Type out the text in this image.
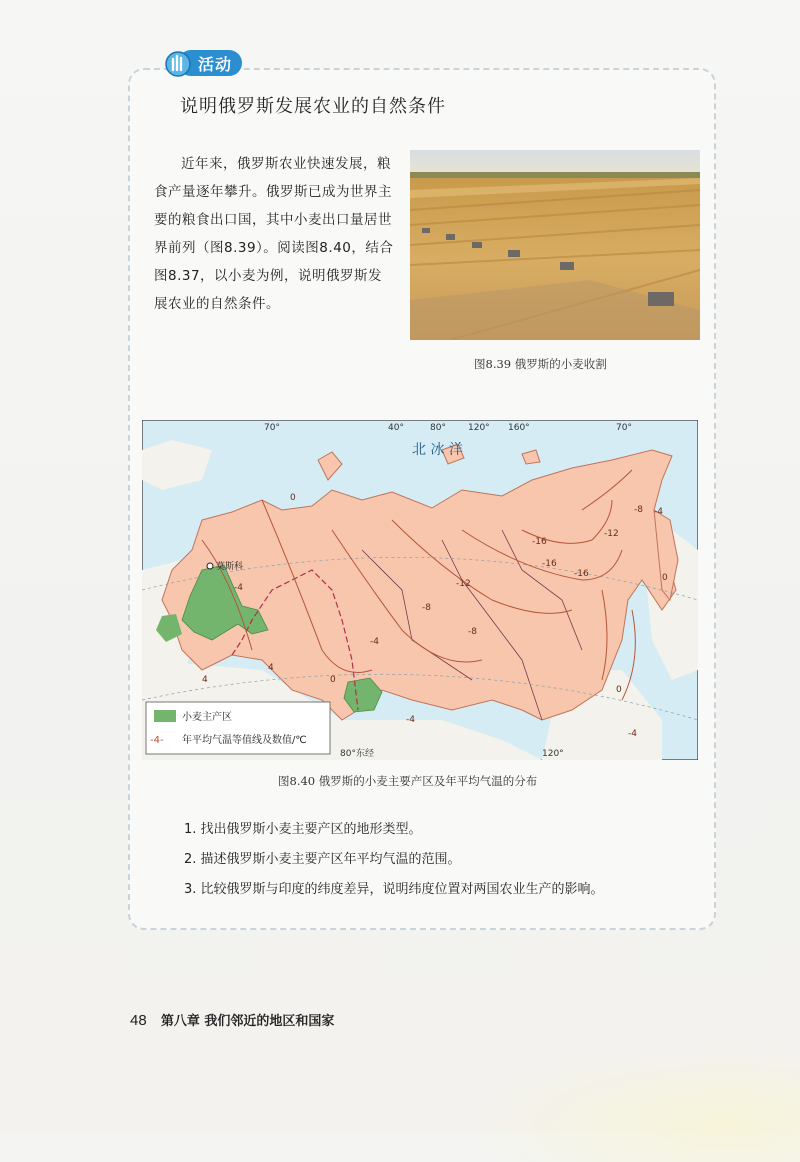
活动
说明俄罗斯发展农业的自然条件
近年来，俄罗斯农业快速发展，粮食产量逐年攀升。俄罗斯已成为世界主要的粮食出口国，其中小麦出口量居世界前列（图8.39）。阅读图8.40，结合图8.37，以小麦为例，说明俄罗斯发展农业的自然条件。
图8.39 俄罗斯的小麦收割
70°	40°	80° 120° 160°	70°
80°东经	120°
北 冰 洋
莫斯科
0
-4
-8
-12
-16
-16
-16
-12
-8 -4
0
-4
4
-8
-4
0
-4
4	0
小麦主产区
-4- 年平均气温等值线及数值/℃
图8.40 俄罗斯的小麦主要产区及年平均气温的分布
1. 找出俄罗斯小麦主要产区的地形类型。
2. 描述俄罗斯小麦主要产区年平均气温的范围。
3. 比较俄罗斯与印度的纬度差异，说明纬度位置对两国农业生产的影响。
48 第八章 我们邻近的地区和国家
